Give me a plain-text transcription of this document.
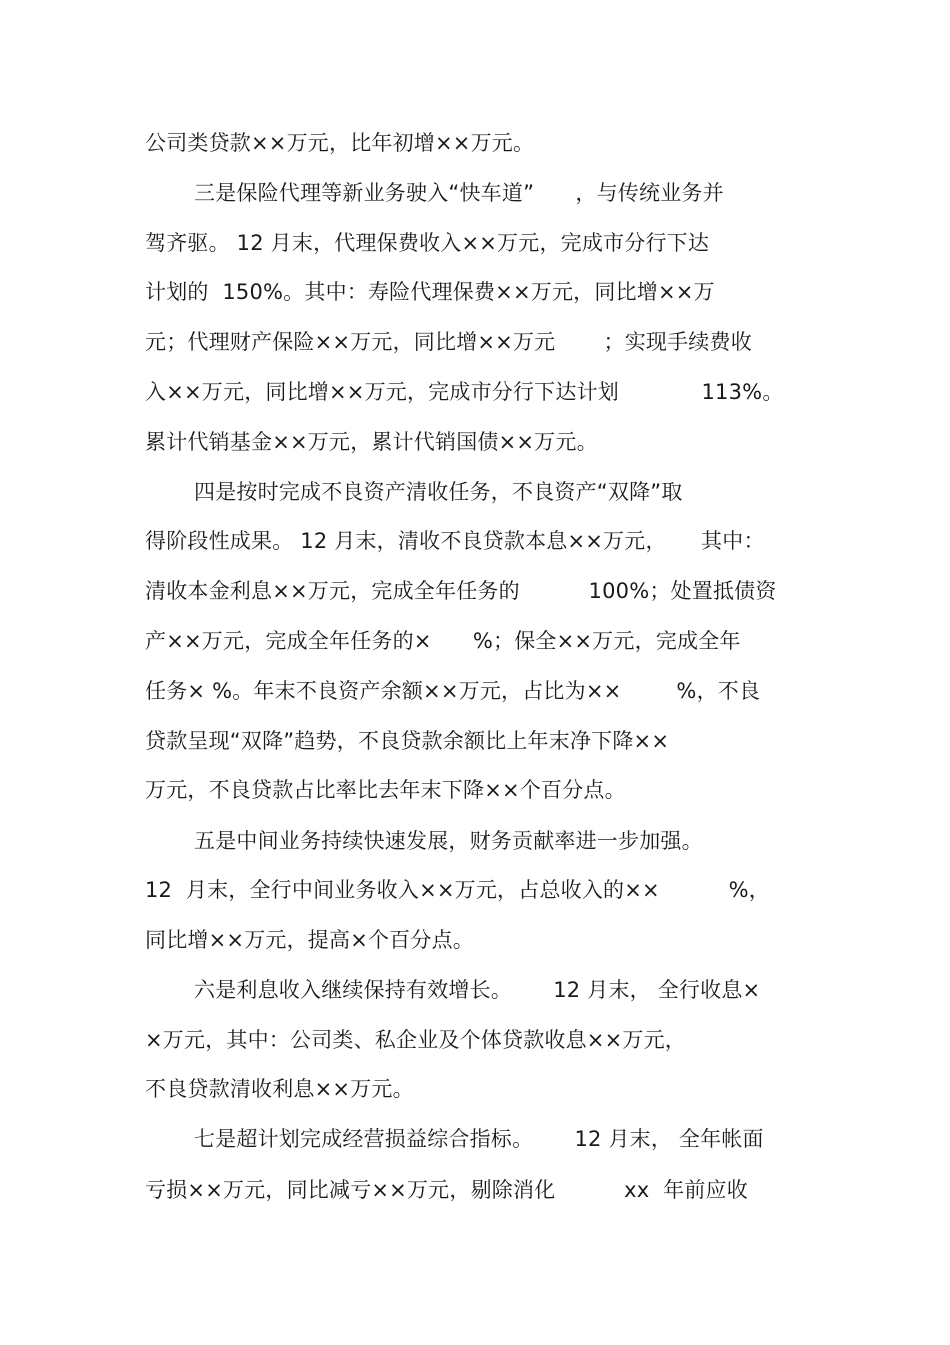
公司类贷款××万元，比年初增××万元。
三是保险代理等新业务驶入“快车道”      ，与传统业务并
驾齐驱。 12 月末，代理保费收入××万元，完成市分行下达
计划的  150%。其中：寿险代理保费××万元，同比增××万
元；代理财产保险××万元，同比增××万元       ；实现手续费收
入××万元，同比增××万元，完成市分行下达计划            113%。
累计代销基金××万元，累计代销国债××万元。
四是按时完成不良资产清收任务，不良资产“双降”取
得阶段性成果。 12 月末，清收不良贷款本息××万元，     其中：
清收本金利息××万元，完成全年任务的          100%；处置抵债资
产××万元，完成全年任务的×      %；保全××万元，完成全年
任务× %。年末不良资产余额××万元，占比为××        %，不良
贷款呈现“双降”趋势，不良贷款余额比上年末净下降××
万元，不良贷款占比率比去年末下降××个百分点。
五是中间业务持续快速发展，财务贡献率进一步加强。
12  月末，全行中间业务收入××万元，占总收入的××          %，
同比增××万元，提高×个百分点。
六是利息收入继续保持有效增长。      12 月末， 全行收息×
×万元，其中：公司类、私企业及个体贷款收息××万元，
不良贷款清收利息××万元。
七是超计划完成经营损益综合指标。      12 月末， 全年帐面
亏损××万元，同比减亏××万元，剔除消化          xx  年前应收
